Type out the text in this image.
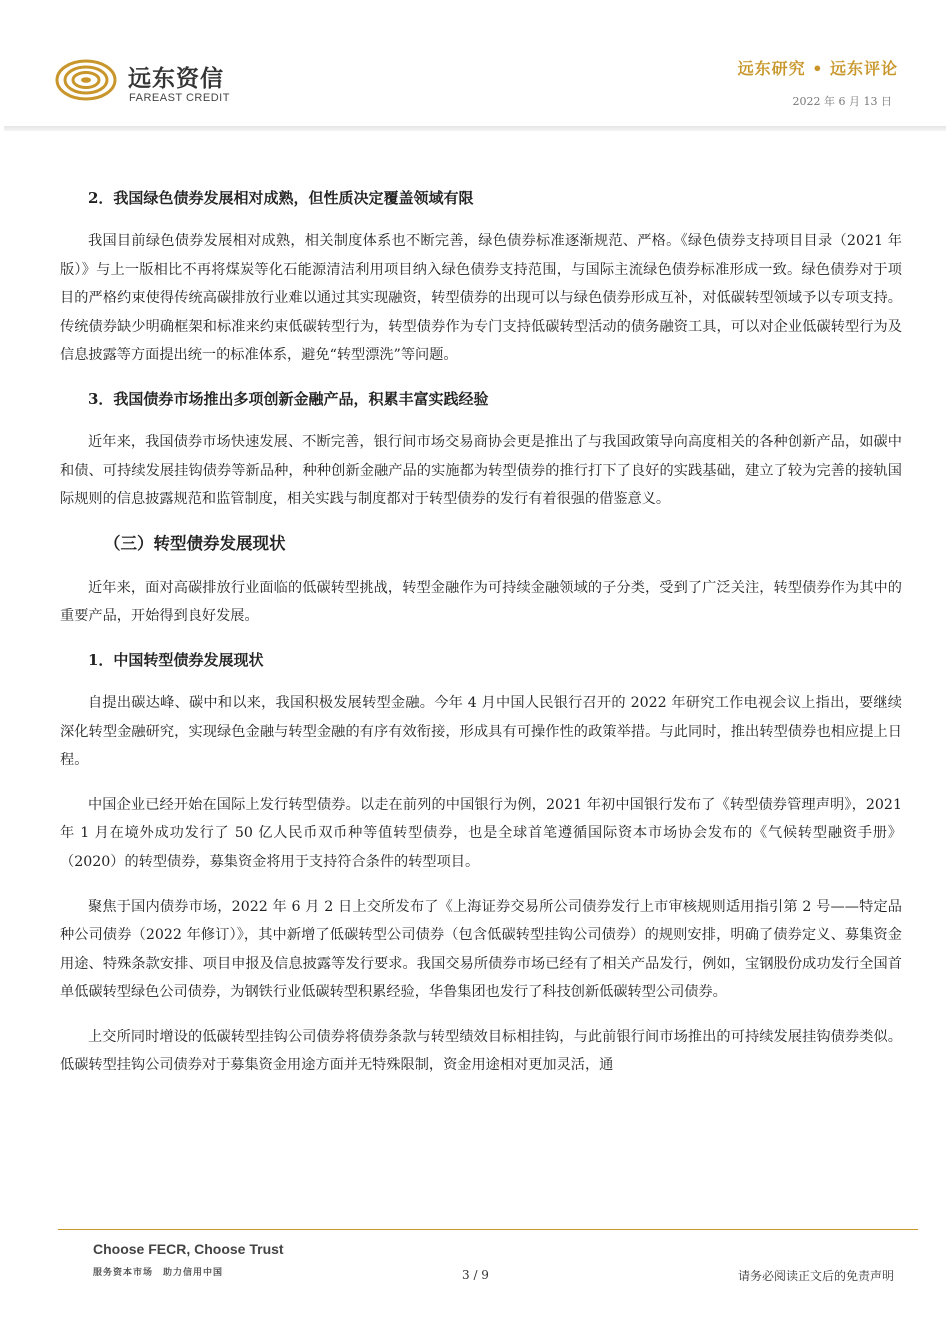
远东资信
FAREAST CREDIT
远东研究 • 远东评论
2022 年 6 月 13 日
2．我国绿色债券发展相对成熟，但性质决定覆盖领域有限

我国目前绿色债券发展相对成熟，相关制度体系也不断完善，绿色债券标准逐渐规范、严格。《绿色债券支持项目目录（2021 年版）》与上一版相比不再将煤炭等化石能源清洁利用项目纳入绿色债券支持范围，与国际主流绿色债券标准形成一致。绿色债券对于项目的严格约束使得传统高碳排放行业难以通过其实现融资，转型债券的出现可以与绿色债券形成互补，对低碳转型领域予以专项支持。传统债券缺少明确框架和标准来约束低碳转型行为，转型债券作为专门支持低碳转型活动的债务融资工具，可以对企业低碳转型行为及信息披露等方面提出统一的标准体系，避免“转型漂洗”等问题。

3．我国债券市场推出多项创新金融产品，积累丰富实践经验

近年来，我国债券市场快速发展、不断完善，银行间市场交易商协会更是推出了与我国政策导向高度相关的各种创新产品，如碳中和债、可持续发展挂钩债券等新品种，种种创新金融产品的实施都为转型债券的推行打下了良好的实践基础，建立了较为完善的接轨国际规则的信息披露规范和监管制度，相关实践与制度都对于转型债券的发行有着很强的借鉴意义。

（三）转型债券发展现状

近年来，面对高碳排放行业面临的低碳转型挑战，转型金融作为可持续金融领域的子分类，受到了广泛关注，转型债券作为其中的重要产品，开始得到良好发展。

1．中国转型债券发展现状

自提出碳达峰、碳中和以来，我国积极发展转型金融。今年 4 月中国人民银行召开的 2022 年研究工作电视会议上指出，要继续深化转型金融研究，实现绿色金融与转型金融的有序有效衔接，形成具有可操作性的政策举措。与此同时，推出转型债券也相应提上日程。

中国企业已经开始在国际上发行转型债券。以走在前列的中国银行为例，2021 年初中国银行发布了《转型债券管理声明》，2021 年 1 月在境外成功发行了 50 亿人民币双币种等值转型债券，也是全球首笔遵循国际资本市场协会发布的《气候转型融资手册》（2020）的转型债券，募集资金将用于支持符合条件的转型项目。

聚焦于国内债券市场，2022 年 6 月 2 日上交所发布了《上海证券交易所公司债券发行上市审核规则适用指引第 2 号——特定品种公司债券（2022 年修订）》，其中新增了低碳转型公司债券（包含低碳转型挂钩公司债券）的规则安排，明确了债券定义、募集资金用途、特殊条款安排、项目申报及信息披露等发行要求。我国交易所债券市场已经有了相关产品发行，例如，宝钢股份成功发行全国首单低碳转型绿色公司债券，为钢铁行业低碳转型积累经验，华鲁集团也发行了科技创新低碳转型公司债券。

上交所同时增设的低碳转型挂钩公司债券将债券条款与转型绩效目标相挂钩，与此前银行间市场推出的可持续发展挂钩债券类似。低碳转型挂钩公司债券对于募集资金用途方面并无特殊限制，资金用途相对更加灵活，通

Choose FECR, Choose Trust
服务资本市场　助力信用中国	3 / 9	请务必阅读正文后的免责声明
